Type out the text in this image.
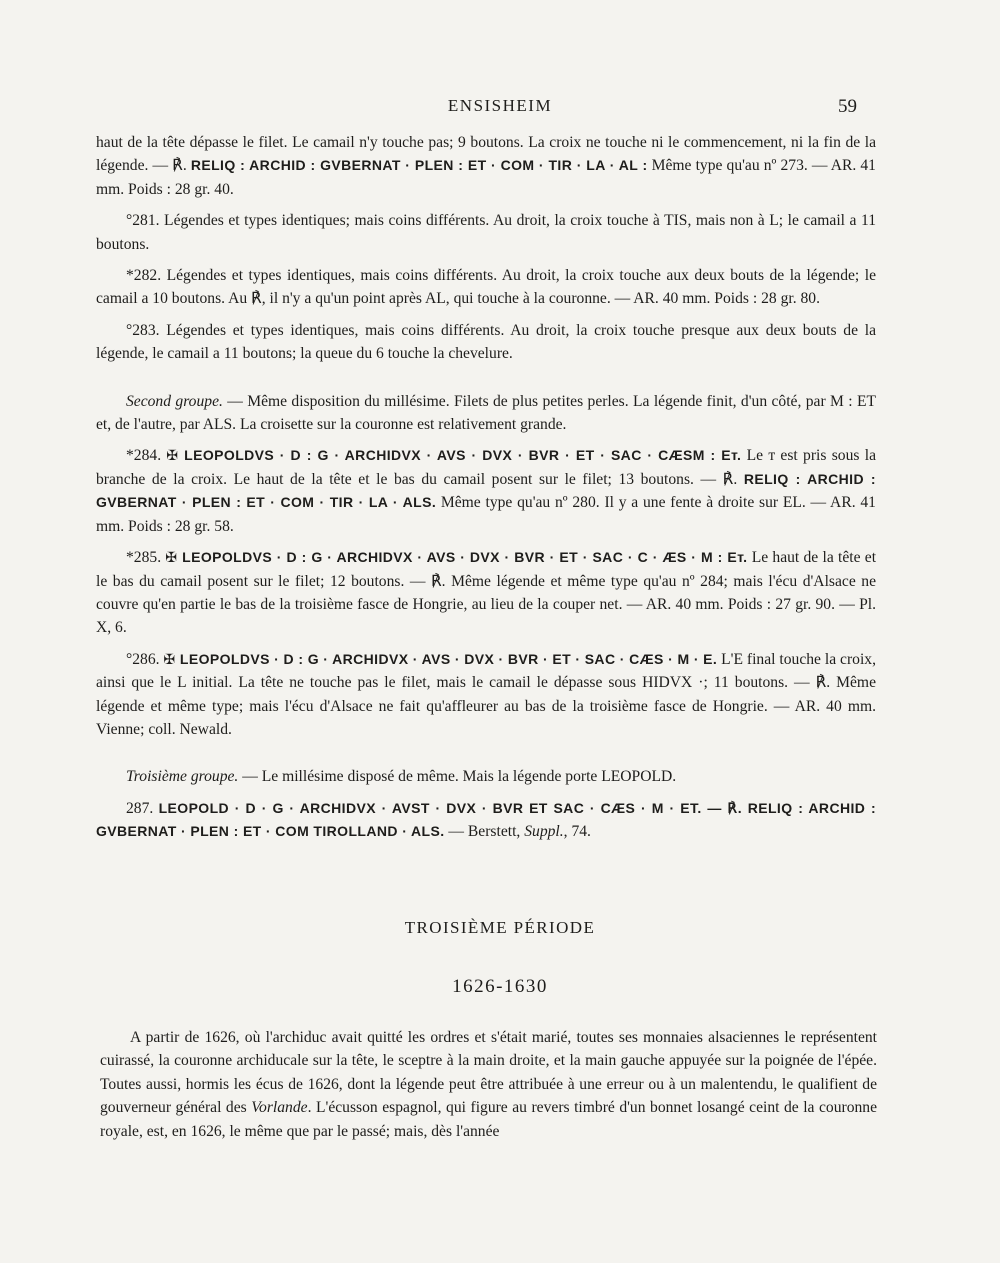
ENSISHEIM	59

haut de la tête dépasse le filet. Le camail n'y touche pas; 9 boutons. La croix ne touche ni le commencement, ni la fin de la légende. — ℟. RELIQ : ARCHID : GVBERNAT · PLEN : ET · COM · TIR · LA · AL : Même type qu'au nº 273. — AR. 41 mm. Poids : 28 gr. 40.

°281. Légendes et types identiques; mais coins différents. Au droit, la croix touche à TIS, mais non à L; le camail a 11 boutons.

*282. Légendes et types identiques, mais coins différents. Au droit, la croix touche aux deux bouts de la légende; le camail a 10 boutons. Au ℟, il n'y a qu'un point après AL, qui touche à la couronne. — AR. 40 mm. Poids : 28 gr. 80.

°283. Légendes et types identiques, mais coins différents. Au droit, la croix touche presque aux deux bouts de la légende, le camail a 11 boutons; la queue du 6 touche la chevelure.

Second groupe. — Même disposition du millésime. Filets de plus petites perles. La légende finit, d'un côté, par M : ET et, de l'autre, par ALS. La croisette sur la couronne est relativement grande.

*284. ✠ LEOPOLDVS · D : G · ARCHIDVX · AVS · DVX · BVR · ET · SAC · CÆSM : Eт. Le т est pris sous la branche de la croix. Le haut de la tête et le bas du camail posent sur le filet; 13 boutons. — ℟. RELIQ : ARCHID : GVBERNAT · PLEN : ET · COM · TIR · LA · ALS. Même type qu'au nº 280. Il y a une fente à droite sur EL. — AR. 41 mm. Poids : 28 gr. 58.

*285. ✠ LEOPOLDVS · D : G · ARCHIDVX · AVS · DVX · BVR · ET · SAC · C · ÆS · M : Eт. Le haut de la tête et le bas du camail posent sur le filet; 12 boutons. — ℟. Même légende et même type qu'au nº 284; mais l'écu d'Alsace ne couvre qu'en partie le bas de la troisième fasce de Hongrie, au lieu de la couper net. — AR. 40 mm. Poids : 27 gr. 90. — Pl. X, 6.

°286. ✠ LEOPOLDVS · D : G · ARCHIDVX · AVS · DVX · BVR · ET · SAC · CÆS · M · E. L'E final touche la croix, ainsi que le L initial. La tête ne touche pas le filet, mais le camail le dépasse sous HIDVX ·; 11 boutons. — ℟. Même légende et même type; mais l'écu d'Alsace ne fait qu'affleurer au bas de la troisième fasce de Hongrie. — AR. 40 mm. Vienne; coll. Newald.

Troisième groupe. — Le millésime disposé de même. Mais la légende porte LEOPOLD.

287. LEOPOLD · D · G · ARCHIDVX · AVST · DVX · BVR ET SAC · CÆS · M · ET. — ℟. RELIQ : ARCHID : GVBERNAT · PLEN : ET · COM TIROLLAND · ALS. — Berstett, Suppl., 74.

TROISIÈME PÉRIODE
1626-1630

A partir de 1626, où l'archiduc avait quitté les ordres et s'était marié, toutes ses monnaies alsaciennes le représentent cuirassé, la couronne archiducale sur la tête, le sceptre à la main droite, et la main gauche appuyée sur la poignée de l'épée. Toutes aussi, hormis les écus de 1626, dont la légende peut être attribuée à une erreur ou à un malentendu, le qualifient de gouverneur général des Vorlande. L'écusson espagnol, qui figure au revers timbré d'un bonnet losangé ceint de la couronne royale, est, en 1626, le même que par le passé; mais, dès l'année
